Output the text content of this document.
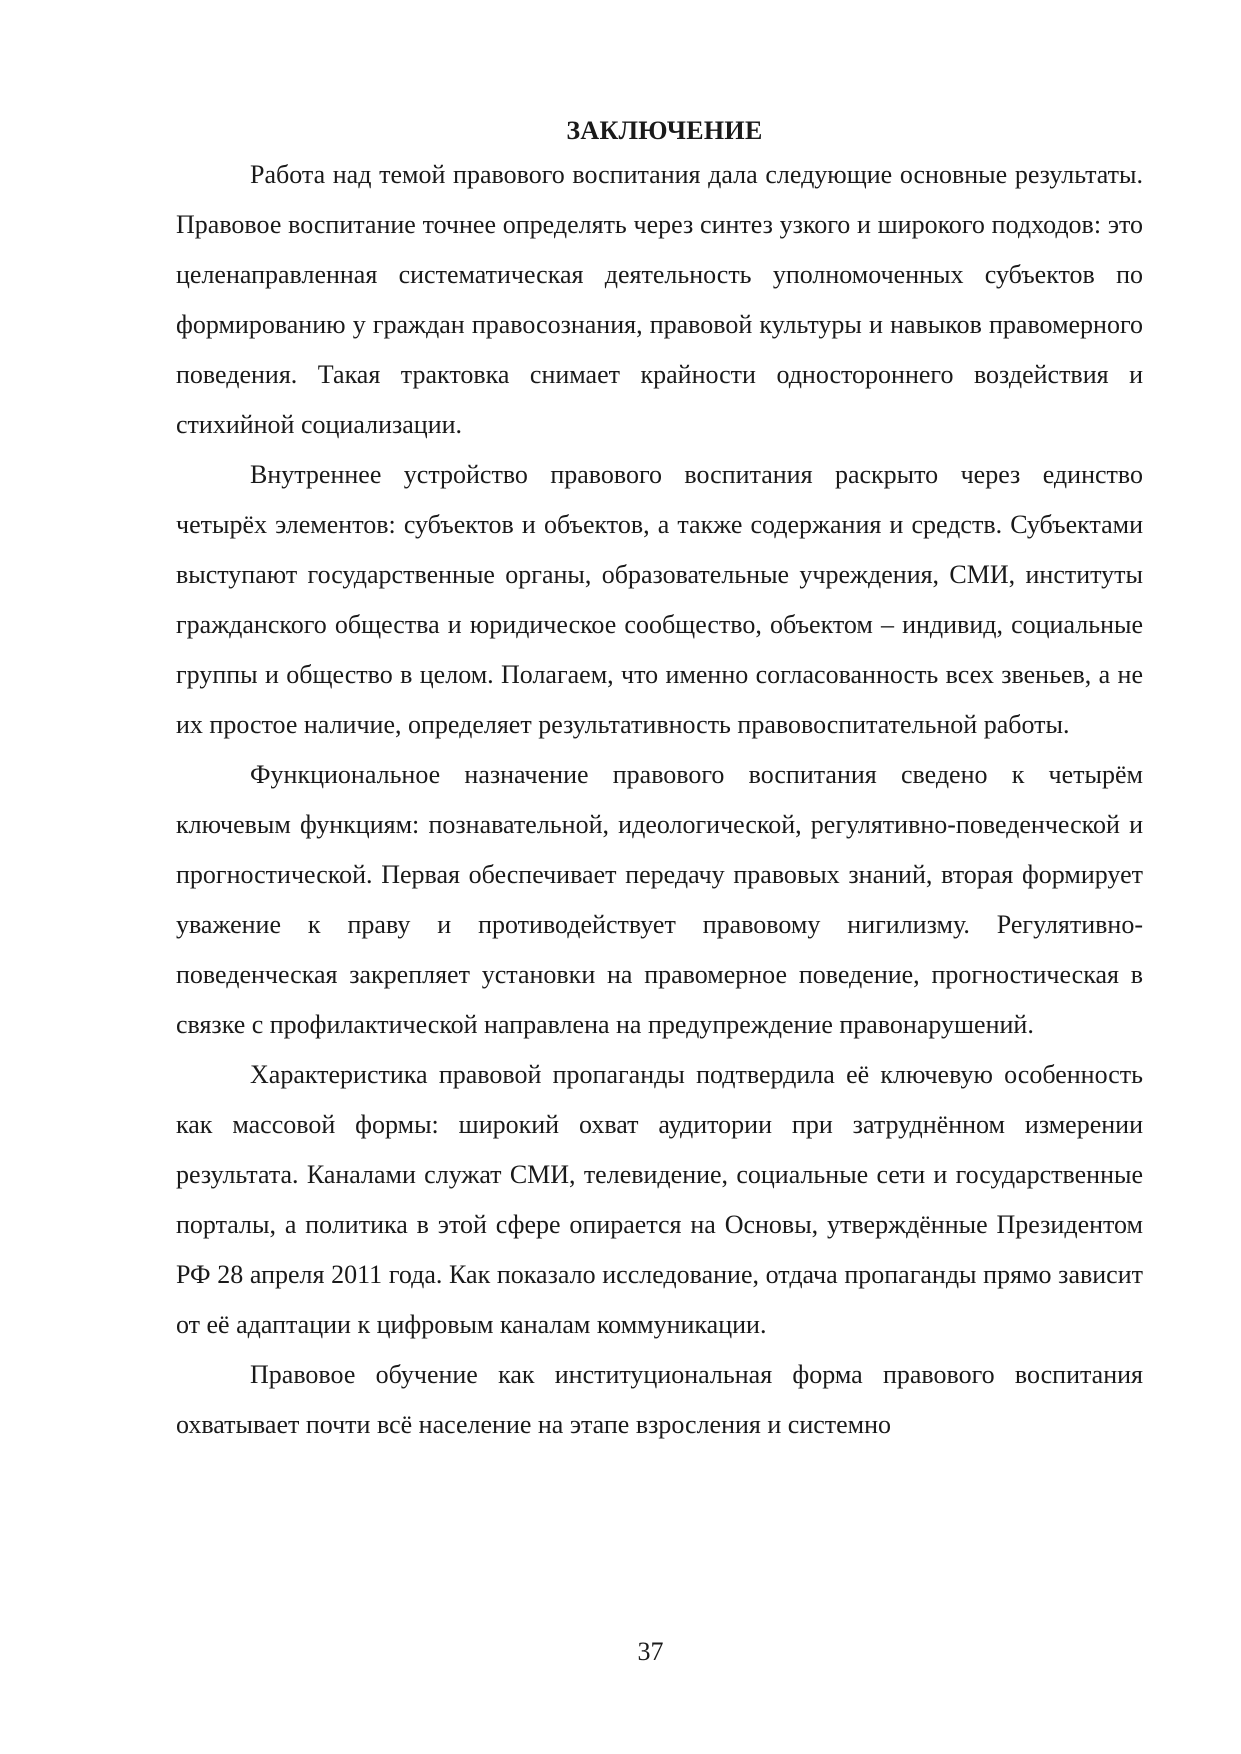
ЗАКЛЮЧЕНИЕ

Работа над темой правового воспитания дала следующие основные результаты. Правовое воспитание точнее определять через синтез узкого и широкого подходов: это целенаправленная систематическая деятельность уполномоченных субъектов по формированию у граждан правосознания, правовой культуры и навыков правомерного поведения. Такая трактовка снимает крайности одностороннего воздействия и стихийной социализации.

Внутреннее устройство правового воспитания раскрыто через единство четырёх элементов: субъектов и объектов, а также содержания и средств. Субъектами выступают государственные органы, образовательные учреждения, СМИ, институты гражданского общества и юридическое сообщество, объектом – индивид, социальные группы и общество в целом. Полагаем, что именно согласованность всех звеньев, а не их простое наличие, определяет результативность правовоспитательной работы.

Функциональное назначение правового воспитания сведено к четырём ключевым функциям: познавательной, идеологической, регулятивно-поведенческой и прогностической. Первая обеспечивает передачу правовых знаний, вторая формирует уважение к праву и противодействует правовому нигилизму. Регулятивно-поведенческая закрепляет установки на правомерное поведение, прогностическая в связке с профилактической направлена на предупреждение правонарушений.

Характеристика правовой пропаганды подтвердила её ключевую особенность как массовой формы: широкий охват аудитории при затруднённом измерении результата. Каналами служат СМИ, телевидение, социальные сети и государственные порталы, а политика в этой сфере опирается на Основы, утверждённые Президентом РФ 28 апреля 2011 года. Как показало исследование, отдача пропаганды прямо зависит от её адаптации к цифровым каналам коммуникации.

Правовое обучение как институциональная форма правового воспитания охватывает почти всё население на этапе взросления и системно

37
